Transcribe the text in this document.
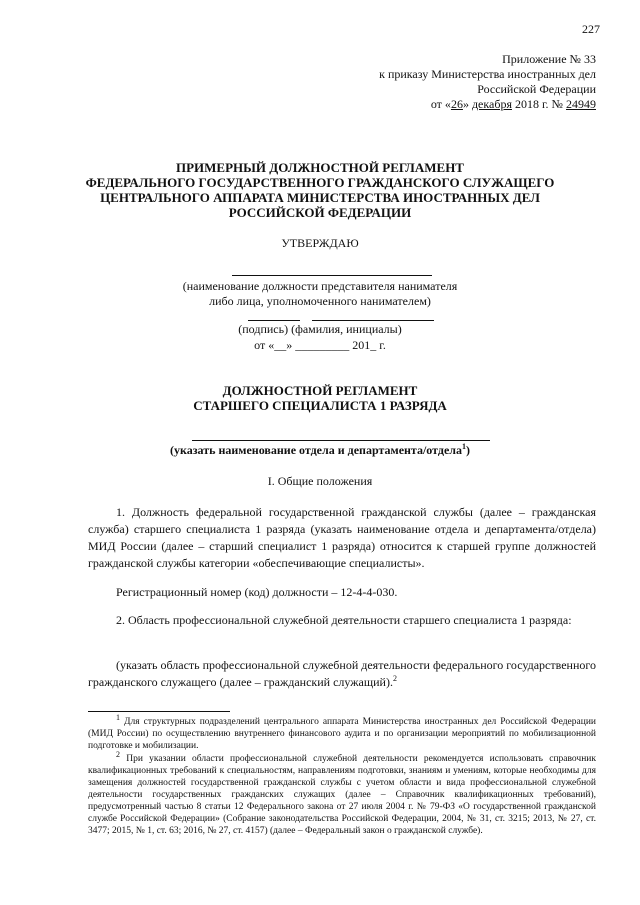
227
Приложение № 33
к приказу Министерства иностранных дел
Российской Федерации
от «26» декабря 2018 г. № 24949
ПРИМЕРНЫЙ ДОЛЖНОСТНОЙ РЕГЛАМЕНТ
ФЕДЕРАЛЬНОГО ГОСУДАРСТВЕННОГО ГРАЖДАНСКОГО СЛУЖАЩЕГО
ЦЕНТРАЛЬНОГО АППАРАТА МИНИСТЕРСТВА ИНОСТРАННЫХ ДЕЛ
РОССИЙСКОЙ ФЕДЕРАЦИИ
УТВЕРЖДАЮ
(наименование должности представителя нанимателя
либо лица, уполномоченного нанимателем)
(подпись) (фамилия, инициалы)
от «__» _________ 201_ г.
ДОЛЖНОСТНОЙ РЕГЛАМЕНТ
СТАРШЕГО СПЕЦИАЛИСТА 1 РАЗРЯДА
(указать наименование отдела и департамента/отдела$^1$)
I. Общие положения
1. Должность федеральной государственной гражданской службы (далее – гражданская служба) старшего специалиста 1 разряда (указать наименование отдела и департамента/отдела) МИД России (далее – старший специалист 1 разряда) относится к старшей группе должностей гражданской службы категории «обеспечивающие специалисты».
Регистрационный номер (код) должности – 12-4-4-030.
2. Область профессиональной служебной деятельности старшего специалиста 1 разряда:
(указать область профессиональной служебной деятельности федерального государственного гражданского служащего (далее – гражданский служащий).$^2$
$^1$ Для структурных подразделений центрального аппарата Министерства иностранных дел Российской Федерации (МИД России) по осуществлению внутреннего финансового аудита и по организации мероприятий по мобилизационной подготовке и мобилизации.
$^2$ При указании области профессиональной служебной деятельности рекомендуется использовать справочник квалификационных требований к специальностям, направлениям подготовки, знаниям и умениям, которые необходимы для замещения должностей государственной гражданской службы с учетом области и вида профессиональной служебной деятельности государственных гражданских служащих (далее – Справочник квалификационных требований), предусмотренный частью 8 статьи 12 Федерального закона от 27 июля 2004 г. № 79-ФЗ «О государственной гражданской службе Российской Федерации» (Собрание законодательства Российской Федерации, 2004, № 31, ст. 3215; 2013, № 27, ст. 3477; 2015, № 1, ст. 63; 2016, № 27, ст. 4157) (далее – Федеральный закон о гражданской службе).
